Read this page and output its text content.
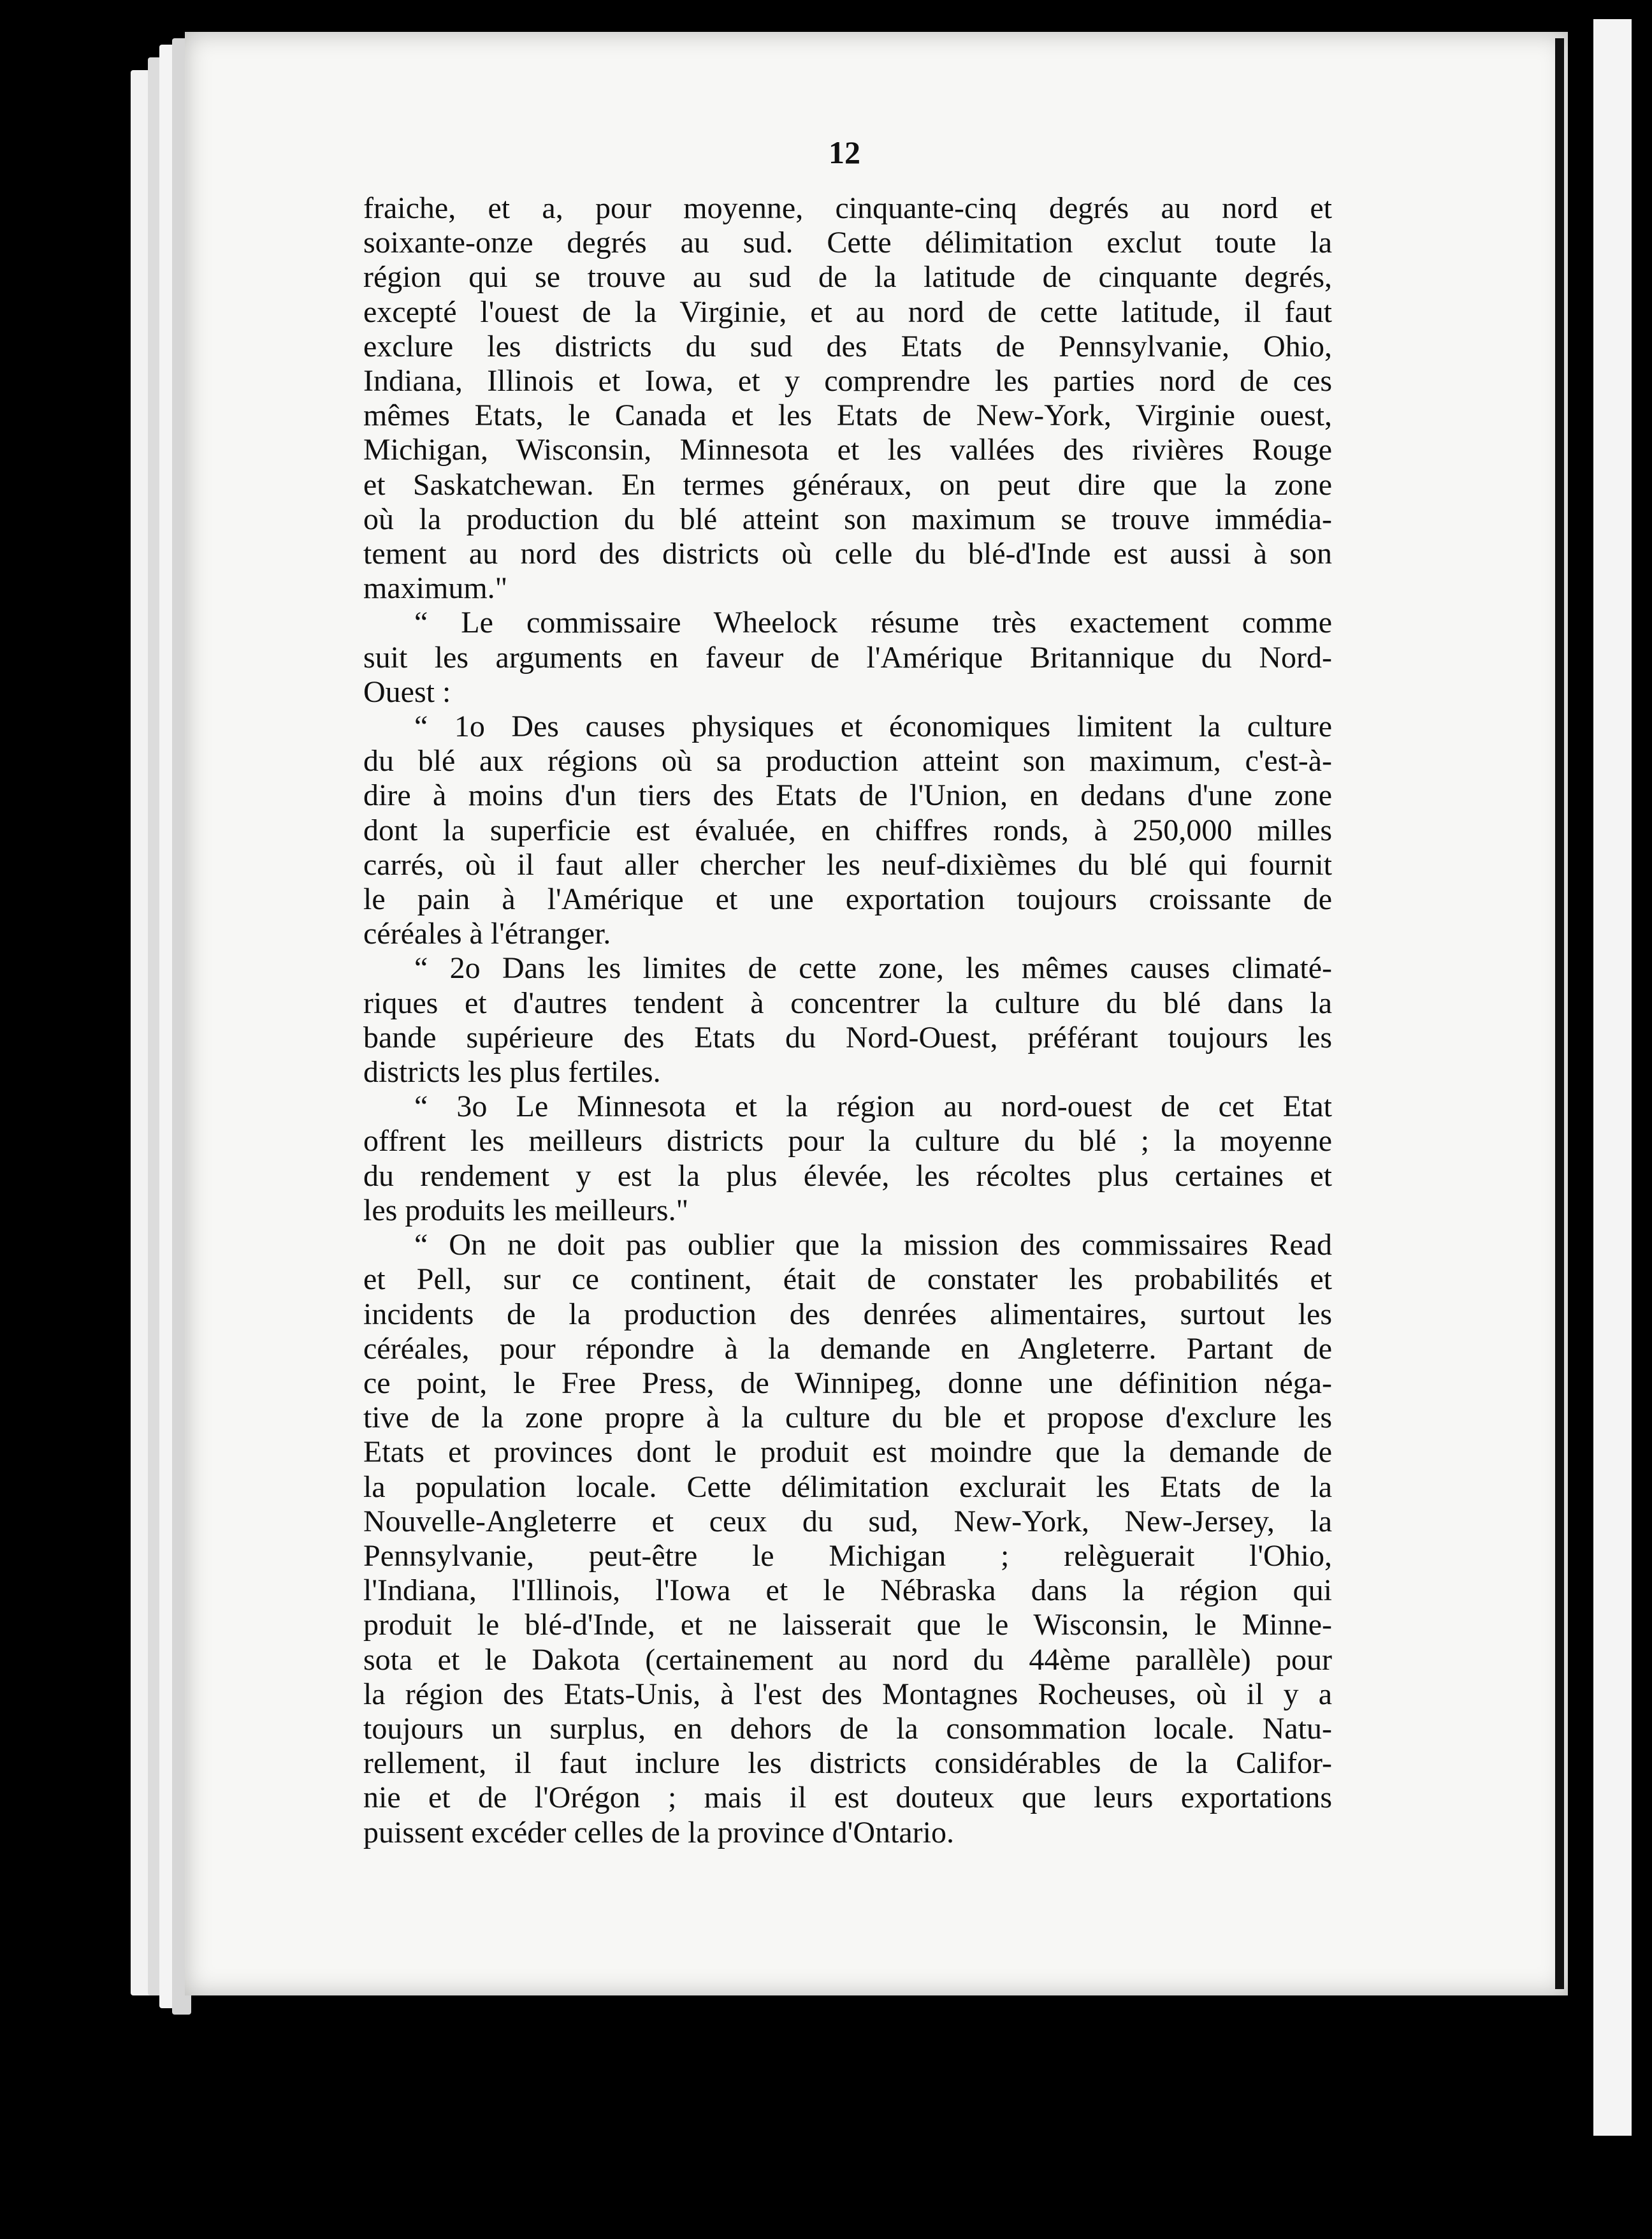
12
fraiche, et a, pour moyenne, cinquante-cinq degrés au nord et
soixante-onze degrés au sud. Cette délimitation exclut toute la
région qui se trouve au sud de la latitude de cinquante degrés,
excepté l'ouest de la Virginie, et au nord de cette latitude, il faut
exclure les districts du sud des Etats de Pennsylvanie, Ohio,
Indiana, Illinois et Iowa, et y comprendre les parties nord de ces
mêmes Etats, le Canada et les Etats de New-York, Virginie ouest,
Michigan, Wisconsin, Minnesota et les vallées des rivières Rouge
et Saskatchewan. En termes généraux, on peut dire que la zone
où la production du blé atteint son maximum se trouve immédia-
tement au nord des districts où celle du blé-d'Inde est aussi à son
maximum."
“ Le commissaire Wheelock résume très exactement comme
suit les arguments en faveur de l'Amérique Britannique du Nord-
Ouest :
“ 1o Des causes physiques et économiques limitent la culture
du blé aux régions où sa production atteint son maximum, c'est-à-
dire à moins d'un tiers des Etats de l'Union, en dedans d'une zone
dont la superficie est évaluée, en chiffres ronds, à 250,000 milles
carrés, où il faut aller chercher les neuf-dixièmes du blé qui fournit
le pain à l'Amérique et une exportation toujours croissante de
céréales à l'étranger.
“ 2o Dans les limites de cette zone, les mêmes causes climaté-
riques et d'autres tendent à concentrer la culture du blé dans la
bande supérieure des Etats du Nord-Ouest, préférant toujours les
districts les plus fertiles.
“ 3o Le Minnesota et la région au nord-ouest de cet Etat
offrent les meilleurs districts pour la culture du blé ; la moyenne
du rendement y est la plus élevée, les récoltes plus certaines et
les produits les meilleurs."
“ On ne doit pas oublier que la mission des commissaires Read
et Pell, sur ce continent, était de constater les probabilités et
incidents de la production des denrées alimentaires, surtout les
céréales, pour répondre à la demande en Angleterre. Partant de
ce point, le Free Press, de Winnipeg, donne une définition néga-
tive de la zone propre à la culture du ble et propose d'exclure les
Etats et provinces dont le produit est moindre que la demande de
la population locale. Cette délimitation exclurait les Etats de la
Nouvelle-Angleterre et ceux du sud, New-York, New-Jersey, la
Pennsylvanie, peut-être le Michigan ; relèguerait l'Ohio,
l'Indiana, l'Illinois, l'Iowa et le Nébraska dans la région qui
produit le blé-d'Inde, et ne laisserait que le Wisconsin, le Minne-
sota et le Dakota (certainement au nord du 44ème parallèle) pour
la région des Etats-Unis, à l'est des Montagnes Rocheuses, où il y a
toujours un surplus, en dehors de la consommation locale. Natu-
rellement, il faut inclure les districts considérables de la Califor-
nie et de l'Orégon ; mais il est douteux que leurs exportations
puissent excéder celles de la province d'Ontario.
